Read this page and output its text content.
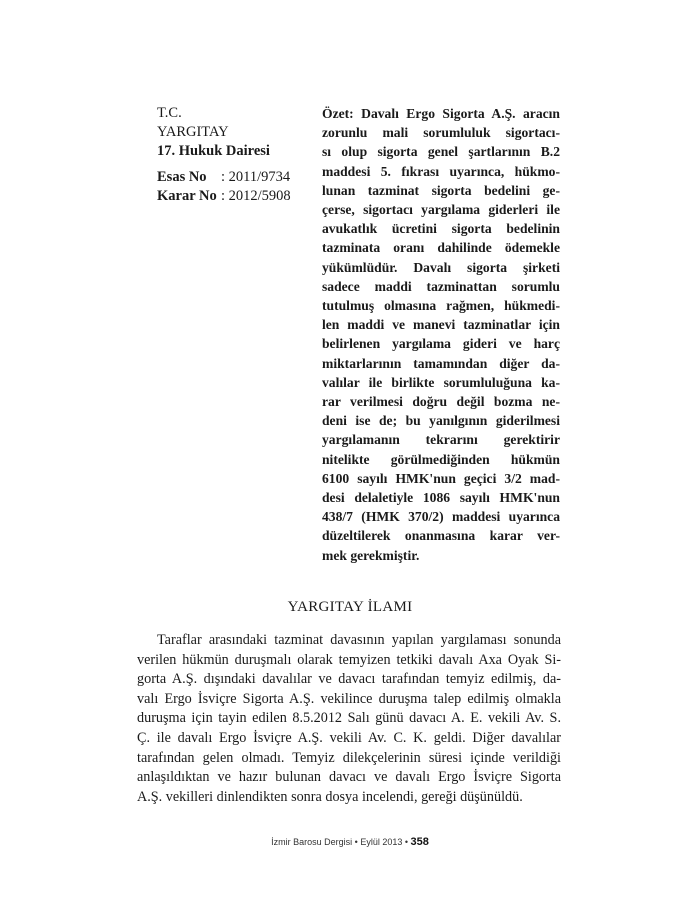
T.C.
YARGITAY
17. Hukuk Dairesi
Esas No : 2011/9734
Karar No : 2012/5908
Özet: Davalı Ergo Sigorta A.Ş. aracın
zorunlu mali sorumluluk sigortacı-
sı olup sigorta genel şartlarının B.2
maddesi 5. fıkrası uyarınca, hükmo-
lunan tazminat sigorta bedelini ge-
çerse, sigortacı yargılama giderleri ile
avukatlık ücretini sigorta bedelinin
tazminata oranı dahilinde ödemekle
yükümlüdür. Davalı sigorta şirketi
sadece maddi tazminattan sorumlu
tutulmuş olmasına rağmen, hükmedi-
len maddi ve manevi tazminatlar için
belirlenen yargılama gideri ve harç
miktarlarının tamamından diğer da-
valılar ile birlikte sorumluluğuna ka-
rar verilmesi doğru değil bozma ne-
deni ise de; bu yanılgının giderilmesi
yargılamanın tekrarını gerektirir
nitelikte görülmediğinden hükmün
6100 sayılı HMK'nun geçici 3/2 mad-
desi delaletiyle 1086 sayılı HMK'nun
438/7 (HMK 370/2) maddesi uyarınca
düzeltilerek onanmasına karar ver-
mek gerekmiştir.
YARGITAY İLAMI
Taraflar arasındaki tazminat davasının yapılan yargılaması sonunda
verilen hükmün duruşmalı olarak temyizen tetkiki davalı Axa Oyak Si-
gorta A.Ş. dışındaki davalılar ve davacı tarafından temyiz edilmiş, da-
valı Ergo İsviçre Sigorta A.Ş. vekilince duruşma talep edilmiş olmakla
duruşma için tayin edilen 8.5.2012 Salı günü davacı A. E. vekili Av. S.
Ç. ile davalı Ergo İsviçre A.Ş. vekili Av. C. K. geldi. Diğer davalılar
tarafından gelen olmadı. Temyiz dilekçelerinin süresi içinde verildiği
anlaşıldıktan ve hazır bulunan davacı ve davalı Ergo İsviçre Sigorta
A.Ş. vekilleri dinlendikten sonra dosya incelendi, gereği düşünüldü.
İzmir Barosu Dergisi • Eylül 2013 • 358
